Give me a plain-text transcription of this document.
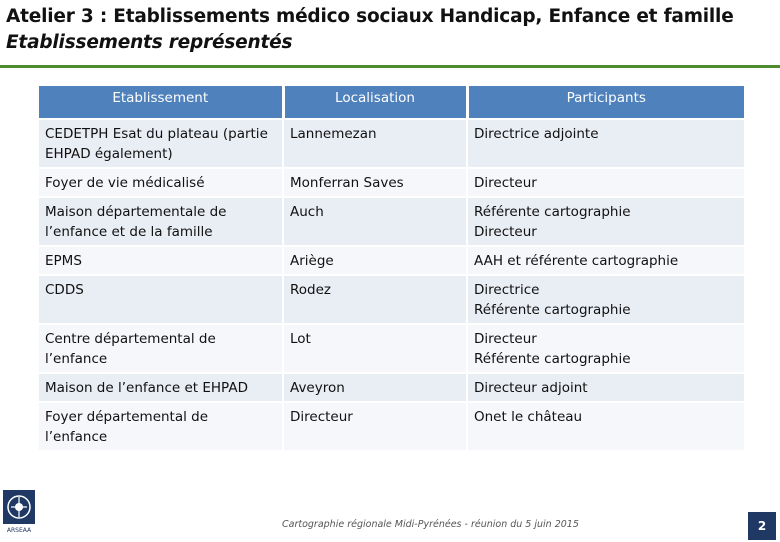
Atelier 3 : Etablissements médico sociaux Handicap, Enfance et famille
Etablissements représentés
Etablissement	Localisation	Participants
CEDETPH Esat du plateau (partie
EHPAD également)	Lannemezan	Directrice adjointe
Foyer de vie médicalisé	Monferran Saves	Directeur
Maison départementale de
l’enfance et de la famille	Auch	Référente cartographie
Directeur
EPMS	Ariège	AAH et référente cartographie
CDDS	Rodez	Directrice
Référente cartographie
Centre départemental de
l’enfance	Lot	Directeur
Référente cartographie
Maison de l’enfance et EHPAD	Aveyron	Directeur adjoint
Foyer départemental de
l’enfance	Directeur	Onet le château
ARSEAA
Cartographie régionale Midi-Pyrénées - réunion du 5 juin 2015	2
